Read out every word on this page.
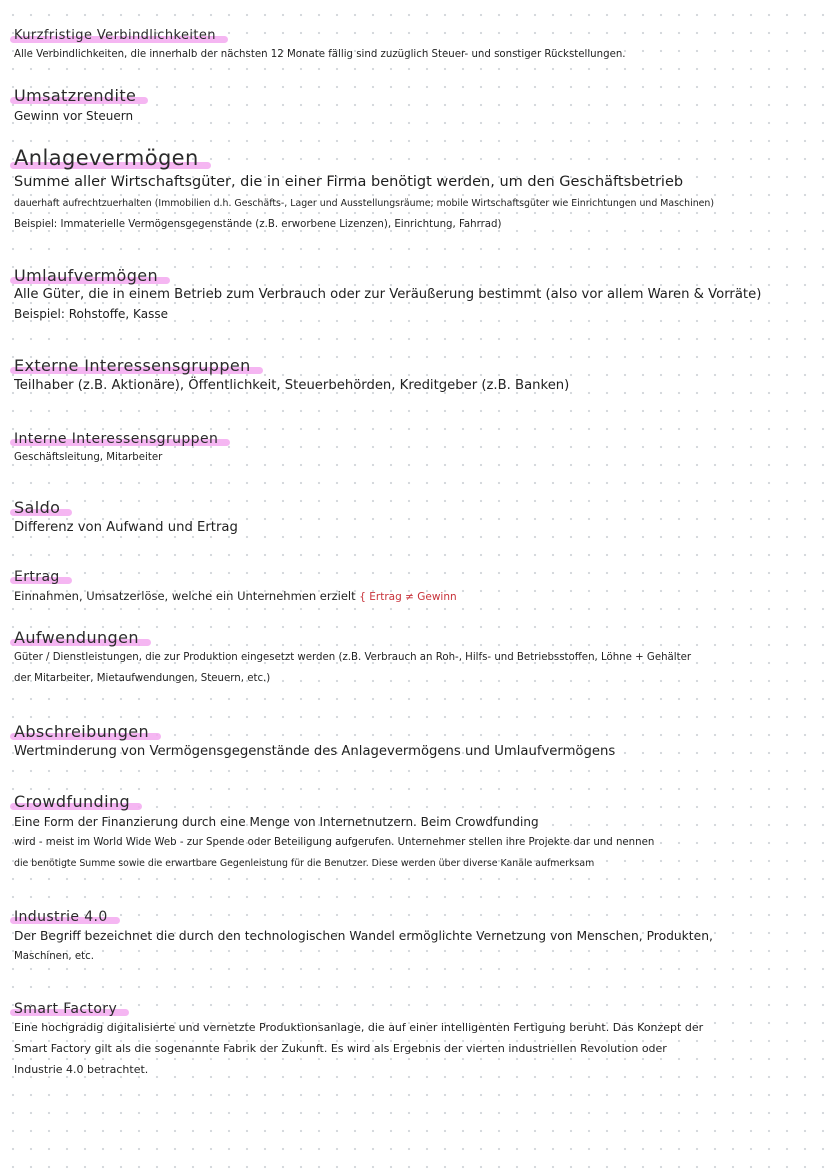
Kurzfristige Verbindlichkeiten
Alle Verbindlichkeiten, die innerhalb der nächsten 12 Monate fällig sind zuzüglich Steuer- und sonstiger Rückstellungen.
Umsatzrendite
Gewinn vor Steuern
Anlagevermögen
Summe aller Wirtschaftsgüter, die in einer Firma benötigt werden, um den Geschäftsbetrieb
dauerhaft aufrechtzuerhalten (Immobilien d.h. Geschäfts-, Lager und Ausstellungsräume; mobile Wirtschaftsgüter wie Einrichtungen und Maschinen)
Beispiel: Immaterielle Vermögensgegenstände (z.B. erworbene Lizenzen), Einrichtung, Fahrrad)
Umlaufvermögen
Alle Güter, die in einem Betrieb zum Verbrauch oder zur Veräußerung bestimmt (also vor allem Waren & Vorräte)
Beispiel: Rohstoffe, Kasse
Externe Interessensgruppen
Teilhaber (z.B. Aktionäre), Öffentlichkeit, Steuerbehörden, Kreditgeber (z.B. Banken)
Interne Interessensgruppen
Geschäftsleitung, Mitarbeiter
Saldo
Differenz von Aufwand und Ertrag
Ertrag
Einnahmen, Umsatzerlöse, welche ein Unternehmen erzielt { Ertrag ≠ Gewinn
Aufwendungen
Güter / Dienstleistungen, die zur Produktion eingesetzt werden (z.B. Verbrauch an Roh-, Hilfs- und Betriebsstoffen, Löhne + Gehälter
der Mitarbeiter, Mietaufwendungen, Steuern, etc.)
Abschreibungen
Wertminderung von Vermögensgegenstände des Anlagevermögens und Umlaufvermögens
Crowdfunding
Eine Form der Finanzierung durch eine Menge von Internetnutzern. Beim Crowdfunding
wird - meist im World Wide Web - zur Spende oder Beteiligung aufgerufen. Unternehmer stellen ihre Projekte dar und nennen
die benötigte Summe sowie die erwartbare Gegenleistung für die Benutzer. Diese werden über diverse Kanäle aufmerksam
Industrie 4.0
Der Begriff bezeichnet die durch den technologischen Wandel ermöglichte Vernetzung von Menschen, Produkten,
Maschinen, etc.
Smart Factory
Eine hochgradig digitalisierte und vernetzte Produktionsanlage, die auf einer intelligenten Fertigung beruht. Das Konzept der
Smart Factory gilt als die sogenannte Fabrik der Zukunft. Es wird als Ergebnis der vierten industriellen Revolution oder
Industrie 4.0 betrachtet.
